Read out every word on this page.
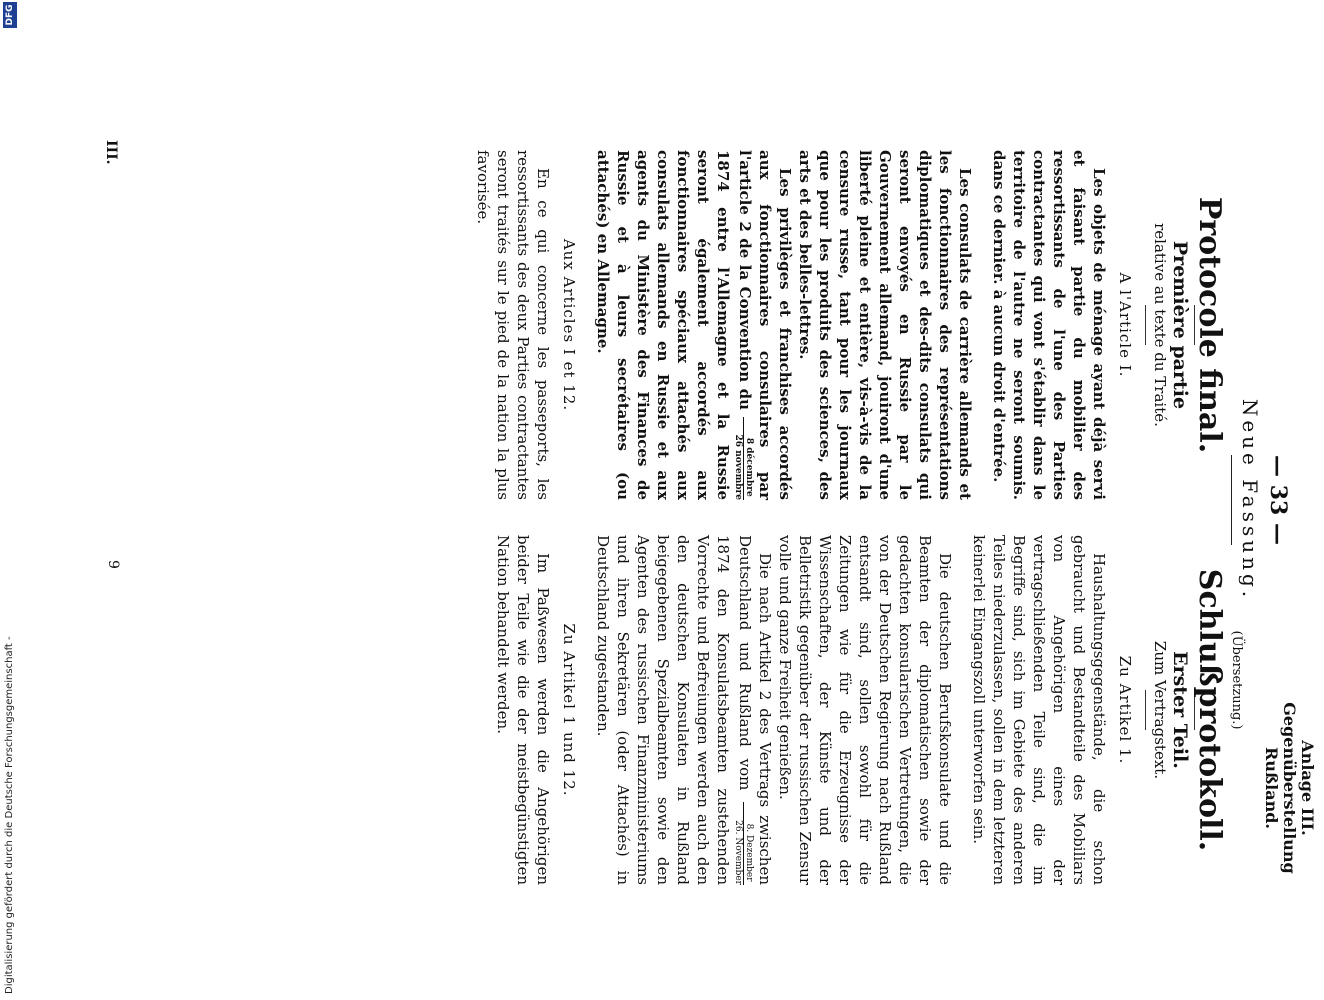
Anlage III.
Gegenüberstellung Rußland.
— 33 —
Neue Fassung.
(Übersetzung.)
Protocole final.
Première partie
relative au texte du Traité.
A l'Article I.

Les objets de ménage ayant déjà servi et faisant partie du mobilier des ressortissants de l'une des Parties contractantes qui vont s'établir dans le territoire de l'autre ne seront soumis. dans ce dernier. à aucun droit d'entrée.

Les consulats de carrière allemands et les fonctionnaires des représentations diplomatiques et des-dits consulats qui seront envoyés en Russie par le Gouvernement allemand, jouiront d'une liberté pleine et entière, vis-à-vis de la censure russe, tant pour les journaux que pour les produits des sciences, des arts et des belles-lettres.

Les privilèges et franchises accordés aux fonctionnaires consulaires par l'article 2 de la Convention du
8 décembre
26 novembre
1874 entre l'Allemagne et la Russie seront également accordés aux fonctionnaires spéciaux attachés aux consulats allemands en Russie et aux agents du Ministère des Finances de Russie et à leurs secrétaires (ou attachés) en Allemagne.

Aux Articles I et 12.

En ce qui concerne les passeports, les ressortissants des deux Parties contractantes seront traités sur le pied de la nation la plus favorisée.

Schlußprotokoll.
Erster Teil.
Zum Vertragstext.
Zu Artikel 1.

Haushaltungsgegenstände, die schon gebraucht und Bestandteile des Mobiliars von Angehörigen eines der vertragschließenden Teile sind, die im Begriffe sind, sich im Gebiete des anderen Teiles niederzulassen, sollen in dem letzteren keinerlei Eingangszoll unterworfen sein.

Die deutschen Berufskonsulate und die Beamten der diplomatischen sowie der gedachten konsularischen Vertretungen, die von der Deutschen Regierung nach Rußland entsandt sind, sollen sowohl für die Zeitungen wie für die Erzeugnisse der Wissenschaften, der Künste und der Belletristik gegenüber der russischen Zensur volle und ganze Freiheit genießen.

Die nach Artikel 2 des Vertrags zwischen Deutschland und Rußland vom
8. Dezember
26. November
1874 den Konsulatsbeamten zustehenden Vorrechte und Befreiungen werden auch den den deutschen Konsulaten in Rußland beigegebenen Spezialbeamten sowie den Agenten des russischen Finanzministeriums und ihren Sekretären (oder Attachés) in Deutschland zugestanden.

Zu Artikel 1 und 12.

Im Paßwesen werden die Angehörigen beider Teile wie die der meistbegünstigten Nation behandelt werden.

III.
9
Digitalisierung gefördert durch die Deutsche Forschungsgemeinschaft -
DFG
